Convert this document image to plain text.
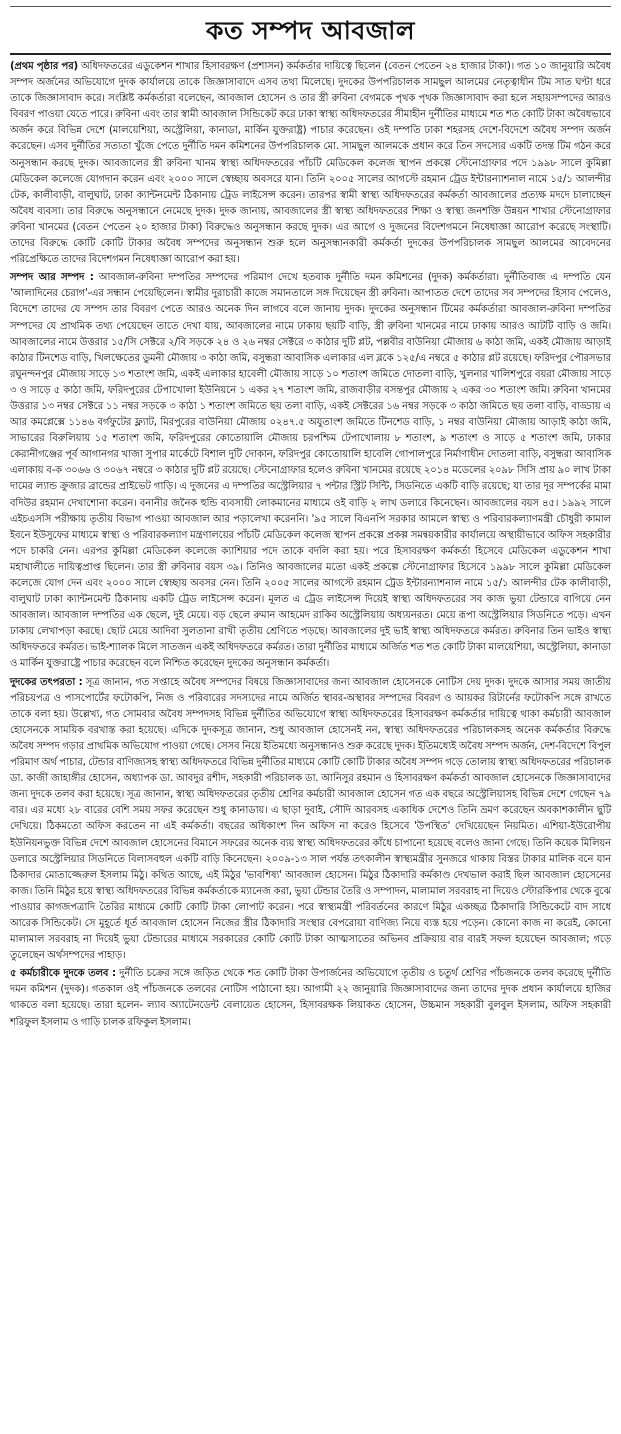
কত সম্পদ আবজাল

(প্রথম পৃষ্ঠার পর) অধিদফতরের এডুকেশন শাখার হিসাবরক্ষণ (প্রশাসন) কর্মকর্তার দায়িত্বে ছিলেন (বেতন পেতেন ২৪ হাজার টাকা)। গত ১০ জানুয়ারি অবৈধ সম্পদ অর্জনের অভিযোগে দুদক কার্যালয়ে তাকে জিজ্ঞাসাবাদে এসব তথ্য মিলেছে। দুদকের উপপরিচালক সামছুল আলমের নেতৃত্বাধীন টিম সাত ঘণ্টা ধরে তাকে জিজ্ঞাসাবাদ করে। সংশ্লিষ্ট কর্মকর্তারা বলেছেন, আবজাল হোসেন ও তার স্ত্রী রুবিনা বেগমকে পৃথক পৃথক জিজ্ঞাসাবাদ করা হলে সহায়সম্পদের আরও বিবরণ পাওয়া যেতে পারে। রুবিনা এবং তার স্বামী আবজাল সিন্ডিকেট করে ঢাকা স্বাস্থ্য অধিদফতরের সীমাহীন দুর্নীতির মাধ্যমে শত শত কোটি টাকা অবৈধভাবে অর্জন করে বিভিন্ন দেশে (মালয়েশিয়া, অস্ট্রেলিয়া, কানাডা, মার্কিন যুক্তরাষ্ট্র) পাচার করেছেন। ওই দম্পতি ঢাকা শহরসহ দেশে-বিদেশে অবৈধ সম্পদ অর্জন করেছেন। এসব দুর্নীতির সত্যতা খুঁজে পেতে দুর্নীতি দমন কমিশনের উপপরিচালক মো. সামছুল আলমকে প্রধান করে তিন সদস্যের একটি তদন্ত টিম গঠন করে অনুসন্ধান করছে দুদক। আবজালের স্ত্রী রুবিনা খানম স্বাস্থ্য অধিদফতরের পাঁচটি মেডিকেল কলেজ স্থাপন প্রকল্পে স্টেনোগ্রাফার পদে ১৯৯৮ সালে কুমিল্লা মেডিকেল কলেজে যোগদান করেন এবং ২০০০ সালে স্বেচ্ছায় অবসরে যান। তিনি ২০০৫ সালের আগস্টে রহমান ট্রেড ইন্টারন্যাশনাল নামে ১৫/১ আলন্দীর টেক, কালীবাড়ী, বালুঘাট, ঢাকা ক্যান্টনমেন্ট ঠিকানায় ট্রেড লাইসেন্স করেন। তারপর স্বামী স্বাস্থ্য অধিদফতরের কর্মকর্তা আবজালের প্রত্যক্ষ মদদে চালাচ্ছেন অবৈধ ব্যবসা। তার বিরুদ্ধে অনুসন্ধানে নেমেছে দুদক। দুদক জানায়, আবজালের স্ত্রী স্বাস্থ্য অধিদফতরের শিক্ষা ও স্বাস্থ্য জনশক্তি উন্নয়ন শাখার স্টেনোগ্রাফার রুবিনা খানমের (বেতন পেতেন ২০ হাজার টাকা) বিরুদ্ধেও অনুসন্ধান করছে দুদক। এর আগে ও দুজনের বিদেশগমনে নিষেধাজ্ঞা আরোপ করেছে সংস্থাটি। তাদের বিরুদ্ধে কোটি কোটি টাকার অবৈধ সম্পদের অনুসন্ধান শুরু হলে অনুসন্ধানকারী কর্মকর্তা দুদকের উপপরিচালক সামছুল আলমের আবেদনের পরিপ্রেক্ষিতে তাদের বিদেশগমন নিষেধাজ্ঞা আরোপ করা হয়।

সম্পদ আর সম্পদ : আবজাল-রুবিনা দম্পতির সম্পদের পরিমাণ দেখে হতবাক দুর্নীতি দমন কমিশনের (দুদক) কর্মকর্তারা। দুর্নীতিবাজ এ দম্পতি যেন 'আলাদিনের চেরাগ'-এর সন্ধান পেয়েছিলেন। স্বামীর দুরাচারী কাজে সমানতালে সঙ্গ দিয়েছেন স্ত্রী রুবিনা। আপাতত দেশে তাদের সব সম্পদের হিসাব পেলেও, বিদেশে তাদের যে সম্পদ তার বিবরণ পেতে আরও অনেক দিন লাগবে বলে জানায় দুদক। দুদকের অনুসন্ধান টিমের কর্মকর্তারা আবজাল-রুবিনা দম্পতির সম্পদের যে প্রাথমিক তথ্য পেয়েছেন তাতে দেখা যায়, আবজালের নামে ঢাকায় ছয়টি বাড়ি, স্ত্রী রুবিনা খানমের নামে ঢাকায় আরও আটটি বাড়ি ও জমি। আবজালের নামে উত্তরার ১৫/সি সেক্টরে ২/বি সড়কে ২৪ ও ২৬ নম্বর সেক্টরে ৩ কাঠার দুটি প্লট, পল্লবীর বাউনিয়া মৌজায় ৬ কাঠা জমি, একই মৌজায় আড়াই কাঠার টিনশেড বাড়ি, খিলক্ষেতের ডুমনী মৌজায় ৩ কাঠা জমি, বসুন্ধরা আবাসিক এলাকার এল ব্লকে ১২৫/এ নম্বরে ৫ কাঠার প্লট রয়েছে। ফরিদপুর পৌরসভার রঘুনন্দনপুর মৌজায় সাড়ে ১৩ শতাংশ জমি, একই এলাকার হাবেলী মৌজায় সাড়ে ১০ শতাংশ জমিতে দোতলা বাড়ি, খুলনার খালিশপুরে বয়রা মৌজায় সাড়ে ৩ ও সাড়ে ৫ কাঠা জমি, ফরিদপুরের টেপাখোলা ইউনিয়নে ১ একর ২৭ শতাংশ জমি, রাজবাড়ীর বসন্তপুর মৌজায় ২ একর ৩০ শতাংশ জমি। রুবিনা খানমের উত্তরার ১৩ নম্বর সেক্টরে ১১ নম্বর সড়কে ৩ কাঠা ১ শতাংশ জমিতে ছয় তলা বাড়ি, একই সেক্টরের ১৬ নম্বর সড়কে ৩ কাঠা জমিতে ছয় তলা বাড়ি, বাড্ডায় এ আর কমপ্লেক্সে ১১৪৬ বর্গফুটের ফ্ল্যাট, মিরপুরের বাউনিয়া মৌজায় ০২৪৭.৫ অযুতাংশ জমিতে টিনশেড বাড়ি, ১ নম্বর বাউনিয়া মৌজায় আড়াই কাঠা জমি, সাভারের বিরুলিয়ায় ১৫ শতাংশ জমি, ফরিদপুরের কোতোয়ালি মৌজায় চরপশ্চিম টেপাখোলায় ৮ শতাংশ, ৯ শতাংশ ও সাড়ে ৫ শতাংশ জমি, ঢাকার কেরানীগঞ্জের পূর্ব আগানগর খাজা সুপার মার্কেটে বিশাল দুটি দোকান, ফরিদপুর কোতোয়ালি হাবেলি গোপালপুরে নির্মাণাধীন দোতলা বাড়ি, বসুন্ধরা আবাসিক এলাকায় ব-ক ৩০৬৬ ও ৩০৬৭ নম্বরে ৩ কাঠার দুটি প্লট রয়েছে। স্টেনোগ্রাফার হলেও রুবিনা খানমের রয়েছে ২০১৪ মডেলের ২০৯৮ সিসি প্রায় ৯০ লাখ টাকা দামের ল্যান্ড ক্রুজার ব্রান্ডের প্রাইভেট গাড়ি। এ দুজনের এ দম্পতির অস্ট্রেলিয়ার ৭ পন্টার স্ট্রিট সিন্টি, সিডনিতে একটি বাড়ি রয়েছে; যা তার দূর সম্পর্কের মামা বদিউর রহমান দেখাশোনা করেন। বনানীর জনৈক হুন্ডি ব্যবসায়ী লোকমানের মাধ্যমে ওই বাড়ি ২ লাখ ডলারে কিনেছেন। আবজালের বয়স ৪৫। ১৯৯২ সালে এইচএসসি পরীক্ষায় তৃতীয় বিভাগ পাওয়া আবজাল আর পড়ালেখা করেননি। '৯৫ সালে বিএনপি সরকার আমলে স্বাস্থ্য ও পরিবারকল্যাণমন্ত্রী চৌধুরী কামাল ইবনে ইউসুফের মাধ্যমে স্বাস্থ্য ও পরিবারকল্যাণ মন্ত্রণালয়ের পাঁচটি মেডিকেল কলেজ স্থাপন প্রকল্পে প্রকল্প সমন্বয়কারীর কার্যালয়ে অস্থায়ীভাবে অফিস সহকারীর পদে চাকরি নেন। এরপর কুমিল্লা মেডিকেল কলেজে ক্যাশিয়ার পদে তাকে বদলি করা হয়। পরে হিসাবরক্ষণ কর্মকর্তা হিসেবে মেডিকেল এডুকেশন শাখা মহাখালীতে দায়িত্বপ্রাপ্ত ছিলেন। তার স্ত্রী রুবিনার বয়স ৩৯। তিনিও আবজালের মতো একই প্রকল্পে স্টেনোগ্রাফার হিসেবে ১৯৯৮ সালে কুমিল্লা মেডিকেল কলেজে যোগ দেন এবং ২০০০ সালে স্বেচ্ছায় অবসর নেন। তিনি ২০০৫ সালের আগস্টে রহমান ট্রেড ইন্টারন্যাশনাল নামে ১৫/১ আলন্দীর টেক কালীবাড়ী, বালুঘাট ঢাকা ক্যান্টনমেন্ট ঠিকানায় একটি ট্রেড লাইসেন্স করেন। মূলত এ ট্রেড লাইসেন্স দিয়েই স্বাস্থ্য অধিদফতরের সব কাজ ভুয়া টেন্ডারে বাগিয়ে নেন আবজাল। আবজাল দম্পতির এক ছেলে, দুই মেয়ে। বড় ছেলে রুমান আহমেদ রাকিব অস্ট্রেলিয়ায় অধ্যয়নরত। মেয়ে রূপা অস্ট্রেলিয়ার সিডনিতে পড়ে। এখন ঢাকায় লেখাপড়া করছে। ছোট মেয়ে আদিবা সুলতানা রাখী তৃতীয় শ্রেণিতে পড়ছে। আবজালের দুই ভাই স্বাস্থ্য অধিদফতরে কর্মরত। রুবিনার তিন ভাইও স্বাস্থ্য অধিদফতরে কর্মরত। ভাই-শ্যালক মিলে সাতজন একই অধিদফতরে কর্মরত। তারা দুর্নীতির মাধ্যমে অর্জিত শত শত কোটি টাকা মালয়েশিয়া, অস্ট্রেলিয়া, কানাডা ও মার্কিন যুক্তরাষ্ট্রে পাচার করেছেন বলে নিশ্চিত করেছেন দুদকের অনুসন্ধান কর্মকর্তা।

দুদকের তৎপরতা : সূত্র জানান, গত সপ্তাহে অবৈধ সম্পদের বিষয়ে জিজ্ঞাসাবাদের জন্য আবজাল হোসেনকে নোটিস দেয় দুদক। দুদকে আসার সময় জাতীয় পরিচয়পত্র ও পাসপোর্টের ফটোকপি, নিজ ও পরিবারের সদস্যদের নামে অর্জিত স্থাবর-অস্থাবর সম্পদের বিবরণ ও আয়কর রিটার্নের ফটোকপি সঙ্গে রাখতে তাকে বলা হয়। উল্লেখ্য, গত সোমবার অবৈধ সম্পদসহ বিভিন্ন দুর্নীতির অভিযোগে স্বাস্থ্য অধিদফতরের হিসাবরক্ষণ কর্মকর্তার দায়িত্বে থাকা কর্মচারী আবজাল হোসেনকে সাময়িক বরখাস্ত করা হয়েছে। এদিকে দুদকসূত্র জানান, শুধু আবজাল হোসেনই নন, স্বাস্থ্য অধিদফতরের পরিচালকসহ অনেক কর্মকর্তার বিরুদ্ধে অবৈধ সম্পদ গড়ার প্রাথমিক অভিযোগ পাওয়া গেছে। সেসব নিয়ে ইতিমধ্যে অনুসন্ধানও শুরু করেছে দুদক। ইতিমধ্যেই অবৈধ সম্পদ অর্জন, দেশ-বিদেশে বিপুল পরিমাণ অর্থ পাচার, টেন্ডার বাণিজ্যসহ স্বাস্থ্য অধিদফতরে বিভিন্ন দুর্নীতির মাধ্যমে কোটি কোটি টাকার অবৈধ সম্পদ গড়ে তোলায় স্বাস্থ্য অধিদফতরের পরিচালক ডা. কাজী জাহাঙ্গীর হোসেন, অধ্যাপক ডা. আবদুর রশীদ, সহকারী পরিচালক ডা. আনিসুর রহমান ও হিসাবরক্ষণ কর্মকর্তা আবজাল হোসেনকে জিজ্ঞাসাবাদের জন্য দুদকে তলব করা হয়েছে। সূত্র জানান, স্বাস্থ্য অধিদফতরের তৃতীয় শ্রেণির কর্মচারী আবজাল হোসেন গত এক বছরে অস্ট্রেলিয়াসহ বিভিন্ন দেশে গেছেন ৭৯ বার। এর মধ্যে ২৮ বারের বেশি সময় সফর করেছেন শুধু কানাডায়। এ ছাড়া দুবাই, সৌদি আরবসহ একাধিক দেশেও তিনি ভ্রমণ করেছেন অবকাশকালীন ছুটি দেখিয়ে। ঠিকমতো অফিস করতেন না এই কর্মকর্তা। বছরের অধিকাংশ দিন অফিস না করেও হিসেবে 'উপস্থিত' দেখিয়েছেন নিয়মিত। এশিয়া-ইউরোপীয় ইউনিয়নভুক্ত বিভিন্ন দেশে আবজাল হোসেনের বিমানে সফরের অনেক ব্যয় স্বাস্থ্য অধিদফতরের কাঁধে চাপানো হয়েছে বলেও জানা গেছে। তিনি কয়েক মিলিয়ন ডলারে অস্ট্রেলিয়ার সিডনিতে বিলাসবহুল একটি বাড়ি কিনেছেন। ২০০৯-১৩ সাল পর্যন্ত তৎকালীন স্বাস্থ্যমন্ত্রীর সুনজরে থাকায় বিস্তর টাকার মালিক বনে যান ঠিকাদার মোতাজ্জেরুল ইসলাম মিঠু। কথিত আছে, এই মিঠুর 'ভাবশিষ্য' আবজাল হোসেন। মিঠুর ঠিকাদারি কর্মকাণ্ড দেখভাল করাই ছিল আবজাল হোসেনের কাজ। তিনি মিঠুর হয়ে স্বাস্থ্য অধিদফতরের বিভিন্ন কর্মকর্তাকে ম্যানেজ করা, ভুয়া টেন্ডার তৈরি ও সম্পাদন, মালামাল সরবরাহ না দিয়েও স্টোরকিপার থেকে বুঝে পাওয়ার কাগজপত্রাদি তৈরির মাধ্যমে কোটি কোটি টাকা লোপাট করেন। পরে স্বাস্থ্যমন্ত্রী পরিবর্তনের কারণে মিঠুর একচ্ছত্র ঠিকাদারি সিন্ডিকেটে বাদ সাধে আরেক সিন্ডিকেট। সে মুহূর্তে ধূর্ত আবজাল হোসেন নিজের স্ত্রীর ঠিকাদারি সংস্থার বেপরোয়া বাণিজ্য নিয়ে ব্যস্ত হয়ে পড়েন। কোনো কাজ না করেই, কোনো মালামাল সরবরাহ না দিয়েই ভুয়া টেন্ডারের মাধ্যমে সরকারের কোটি কোটি টাকা আত্মসাতের অভিনব প্রক্রিয়ায় বার বারই সফল হয়েছেন আবজাল; গড়ে তুলেছেন অর্থসম্পদের পাহাড়।

৫ কর্মচারীকে দুদকে তলব : দুর্নীতি চক্রের সঙ্গে জড়িত থেকে শত কোটি টাকা উপার্জনের অভিযোগে তৃতীয় ও চতুর্থ শ্রেণির পাঁচজনকে তলব করেছে দুর্নীতি দমন কমিশন (দুদক)। গতকাল ওই পাঁচজনকে তলবের নোটিস পাঠানো হয়। আগামী ২২ জানুয়ারি জিজ্ঞাসাবাদের জন্য তাদের দুদক প্রধান কার্যালয়ে হাজির থাকতে বলা হয়েছে। তারা হলেন- ল্যাব অ্যাটেনডেন্ট বেলায়েত হোসেন, হিসাবরক্ষক লিয়াকত হোসেন, উচ্চমান সহকারী বুলবুল ইসলাম, অফিস সহকারী শরিফুল ইসলাম ও গাড়ি চালক রফিকুল ইসলাম।
